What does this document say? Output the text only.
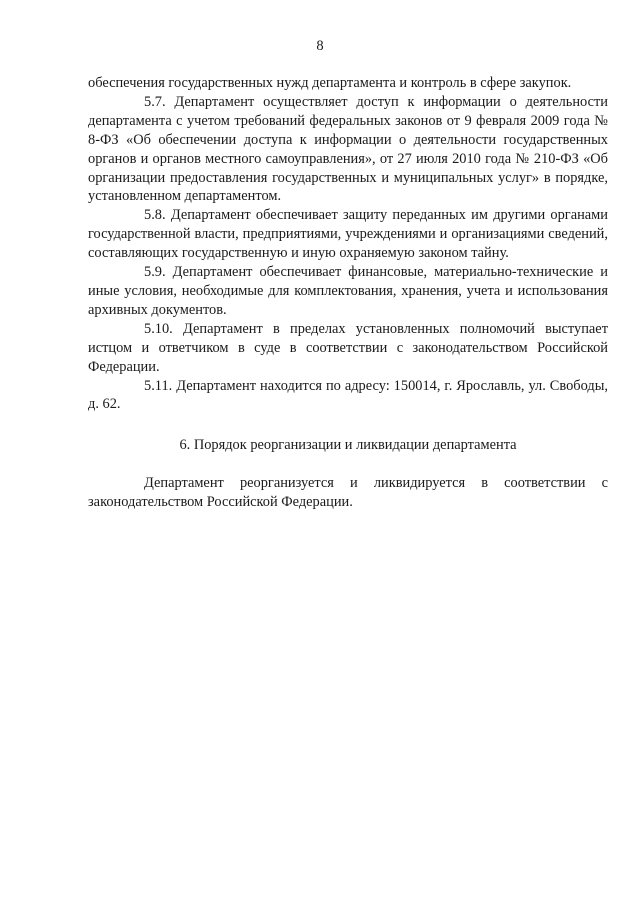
8

обеспечения государственных нужд департамента и контроль в сфере закупок.

5.7. Департамент осуществляет доступ к информации о деятельности департамента с учетом требований федеральных законов от 9 февраля 2009 года № 8-ФЗ «Об обеспечении доступа к информации о деятельности государственных органов и органов местного самоуправления», от 27 июля 2010 года № 210-ФЗ «Об организации предоставления государственных и муниципальных услуг» в порядке, установленном департаментом.

5.8. Департамент обеспечивает защиту переданных им другими органами государственной власти, предприятиями, учреждениями и организациями сведений, составляющих государственную и иную охраняемую законом тайну.

5.9. Департамент обеспечивает финансовые, материально-технические и иные условия, необходимые для комплектования, хранения, учета и использования архивных документов.

5.10. Департамент в пределах установленных полномочий выступает истцом и ответчиком в суде в соответствии с законодательством Российской Федерации.

5.11. Департамент находится по адресу: 150014, г. Ярославль, ул. Свободы, д. 62.

6. Порядок реорганизации и ликвидации департамента

Департамент реорганизуется и ликвидируется в соответствии с законодательством Российской Федерации.
